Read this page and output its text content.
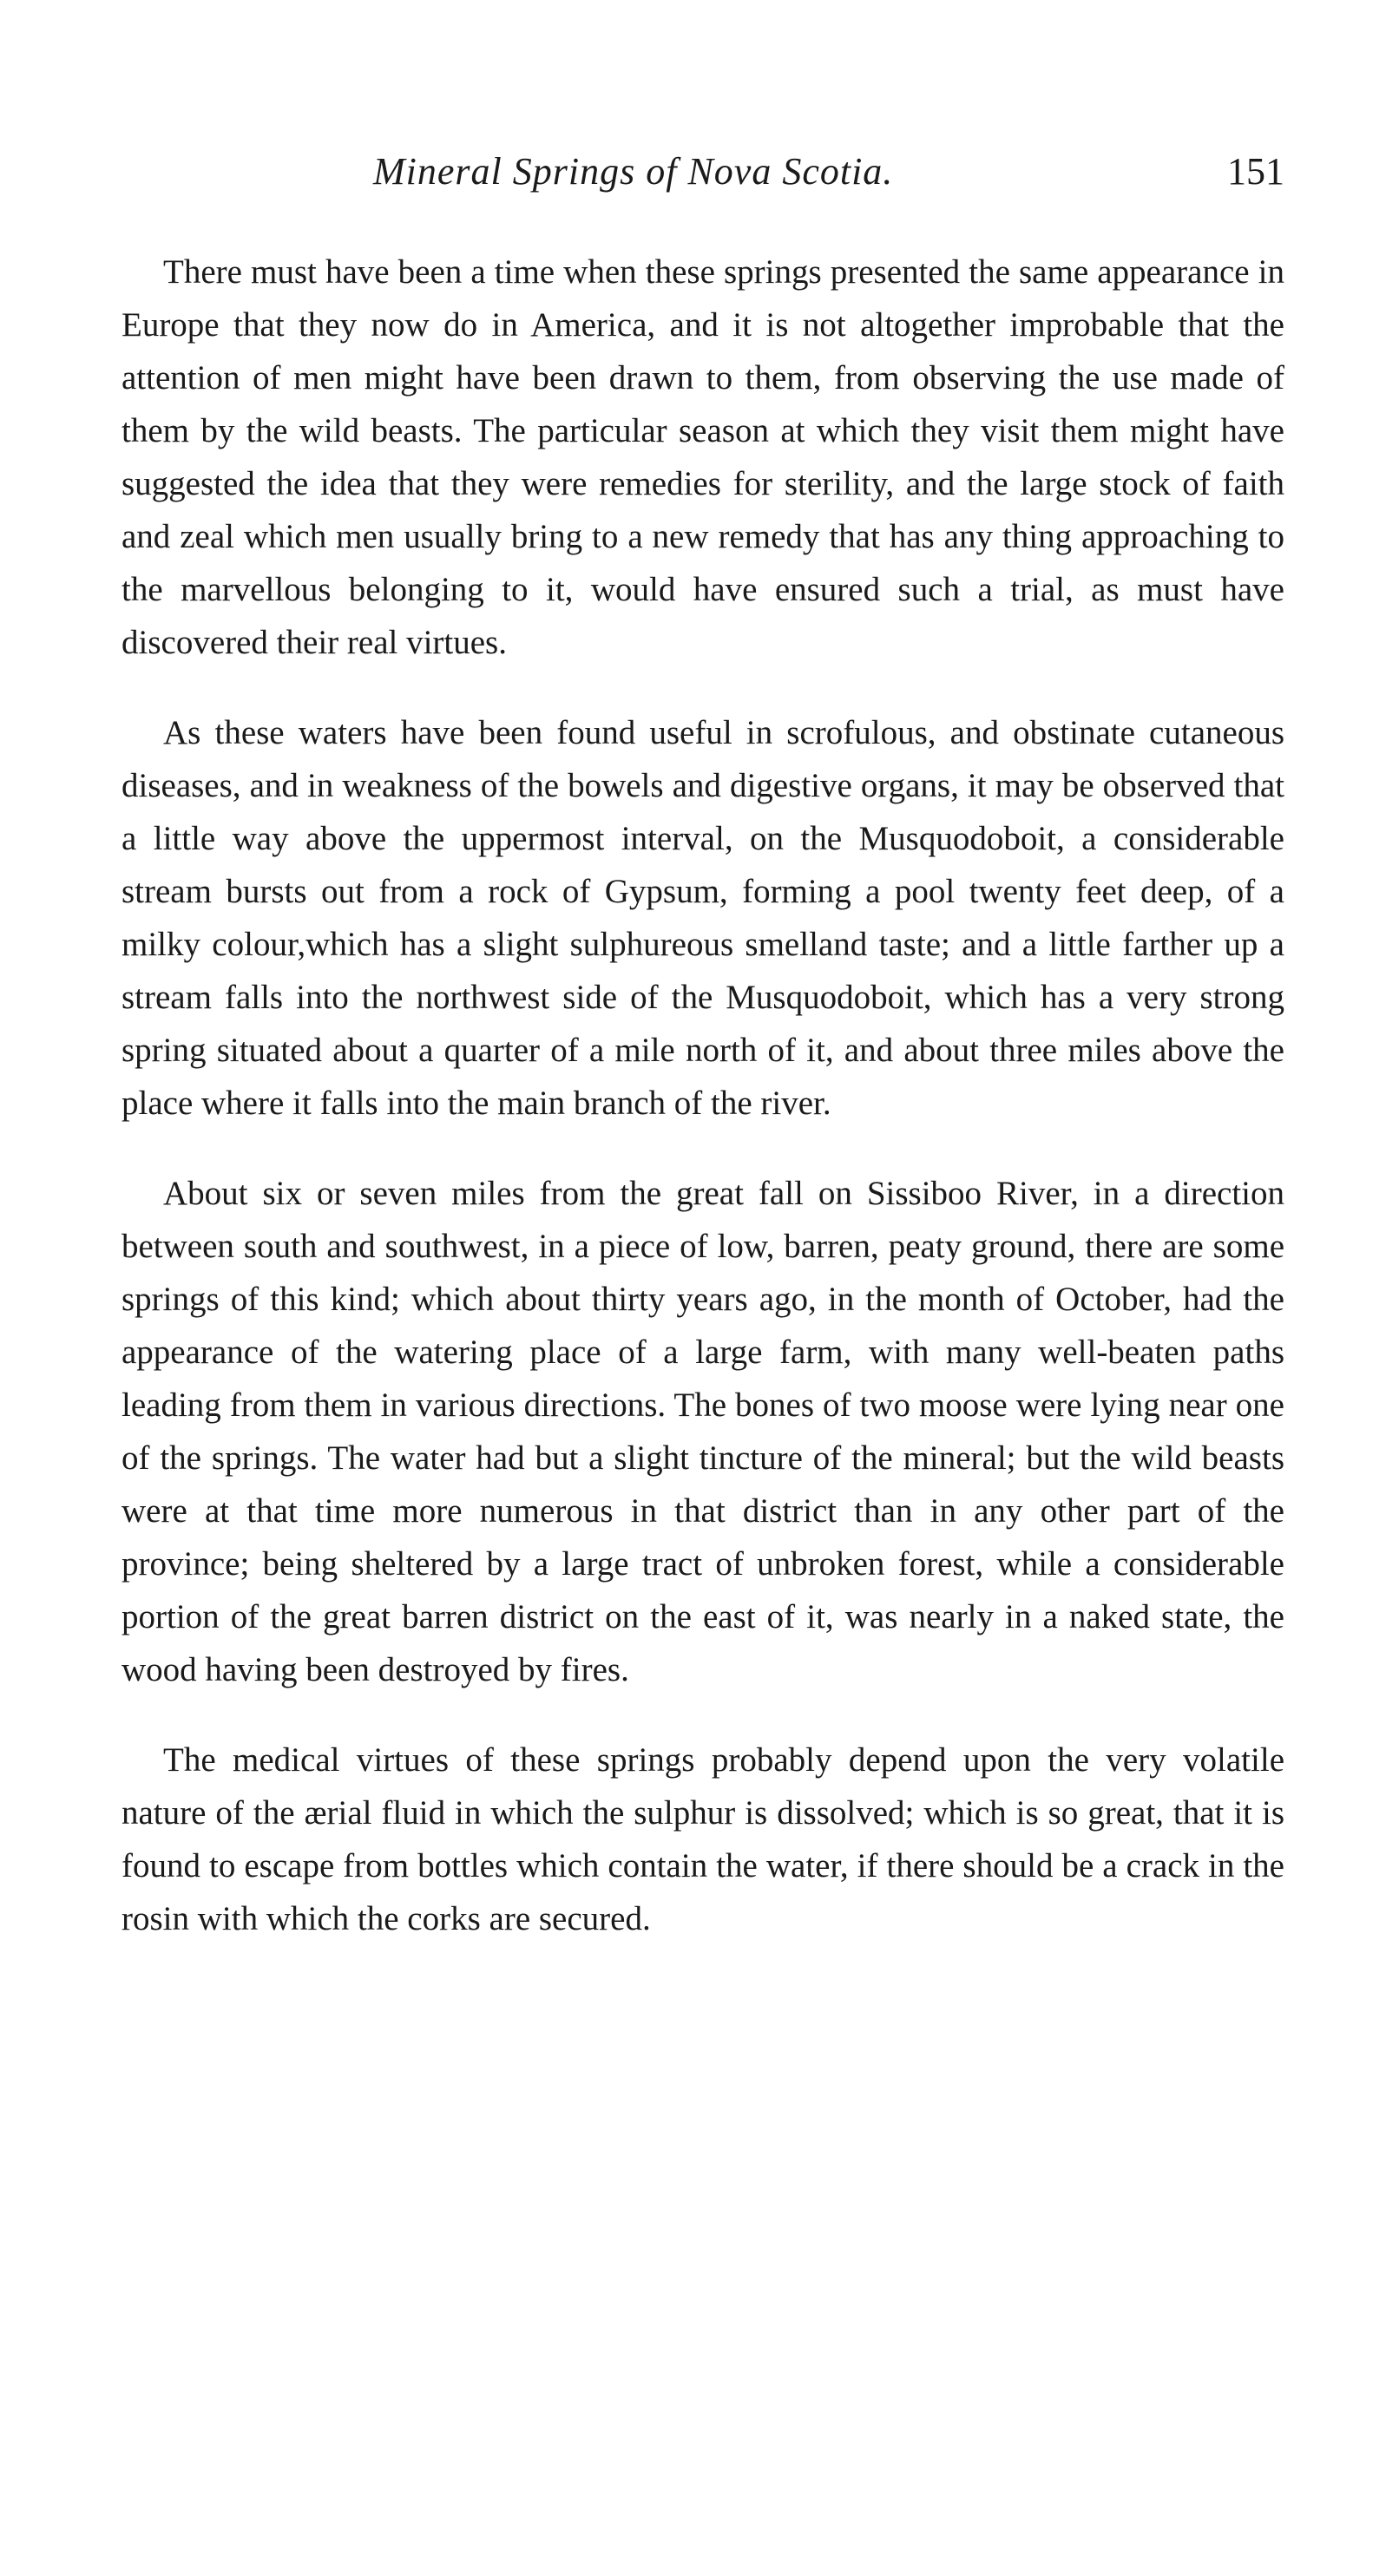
Mineral Springs of Nova Scotia.	151

There must have been a time when these springs presented the same appearance in Europe that they now do in America, and it is not altogether improbable that the attention of men might have been drawn to them, from observing the use made of them by the wild beasts. The particular season at which they visit them might have suggested the idea that they were remedies for sterility, and the large stock of faith and zeal which men usually bring to a new remedy that has any thing approaching to the marvellous belonging to it, would have ensured such a trial, as must have discovered their real virtues.

As these waters have been found useful in scrofulous, and obstinate cutaneous diseases, and in weakness of the bowels and digestive organs, it may be observed that a little way above the uppermost interval, on the Musquodoboit, a considerable stream bursts out from a rock of Gypsum, forming a pool twenty feet deep, of a milky colour,which has a slight sulphureous smelland taste; and a little farther up a stream falls into the northwest side of the Musquodoboit, which has a very strong spring situated about a quarter of a mile north of it, and about three miles above the place where it falls into the main branch of the river.

About six or seven miles from the great fall on Sissiboo River, in a direction between south and southwest, in a piece of low, barren, peaty ground, there are some springs of this kind; which about thirty years ago, in the month of October, had the appearance of the watering place of a large farm, with many well-beaten paths leading from them in various directions. The bones of two moose were lying near one of the springs. The water had but a slight tincture of the mineral; but the wild beasts were at that time more numerous in that district than in any other part of the province; being sheltered by a large tract of unbroken forest, while a considerable portion of the great barren district on the east of it, was nearly in a naked state, the wood having been destroyed by fires.

The medical virtues of these springs probably depend upon the very volatile nature of the ærial fluid in which the sulphur is dissolved; which is so great, that it is found to escape from bottles which contain the water, if there should be a crack in the rosin with which the corks are secured.
